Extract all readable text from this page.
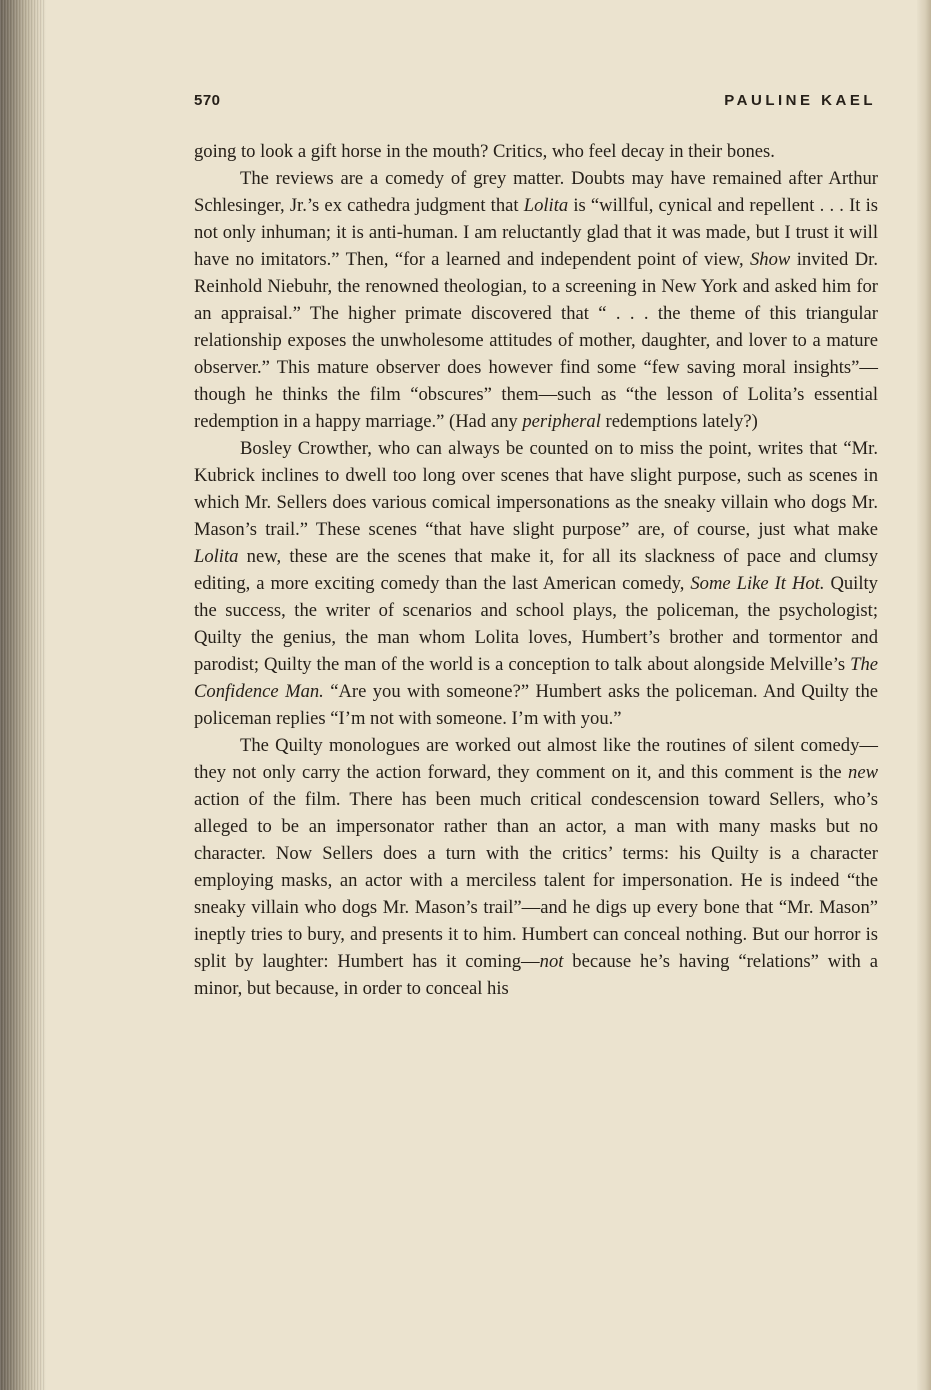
570	PAULINE KAEL

going to look a gift horse in the mouth? Critics, who feel decay in their bones.

The reviews are a comedy of grey matter. Doubts may have remained after Arthur Schlesinger, Jr.’s ex cathedra judgment that Lolita is “willful, cynical and repellent . . . It is not only inhuman; it is anti-human. I am reluctantly glad that it was made, but I trust it will have no imitators.” Then, “for a learned and independent point of view, Show invited Dr. Reinhold Niebuhr, the renowned theologian, to a screening in New York and asked him for an appraisal.” The higher primate discovered that “ . . . the theme of this triangular relationship exposes the unwholesome attitudes of mother, daughter, and lover to a mature observer.” This mature observer does however find some “few saving moral insights”—though he thinks the film “obscures” them—such as “the lesson of Lolita’s essential redemption in a happy marriage.” (Had any peripheral redemptions lately?)

Bosley Crowther, who can always be counted on to miss the point, writes that “Mr. Kubrick inclines to dwell too long over scenes that have slight purpose, such as scenes in which Mr. Sellers does various comical impersonations as the sneaky villain who dogs Mr. Mason’s trail.” These scenes “that have slight purpose” are, of course, just what make Lolita new, these are the scenes that make it, for all its slackness of pace and clumsy editing, a more exciting comedy than the last American comedy, Some Like It Hot. Quilty the success, the writer of scenarios and school plays, the policeman, the psychologist; Quilty the genius, the man whom Lolita loves, Humbert’s brother and tormentor and parodist; Quilty the man of the world is a conception to talk about alongside Melville’s The Confidence Man. “Are you with someone?” Humbert asks the policeman. And Quilty the policeman replies “I’m not with someone. I’m with you.”

The Quilty monologues are worked out almost like the routines of silent comedy—they not only carry the action forward, they comment on it, and this comment is the new action of the film. There has been much critical condescension toward Sellers, who’s alleged to be an impersonator rather than an actor, a man with many masks but no character. Now Sellers does a turn with the critics’ terms: his Quilty is a character employing masks, an actor with a merciless talent for impersonation. He is indeed “the sneaky villain who dogs Mr. Mason’s trail”—and he digs up every bone that “Mr. Mason” ineptly tries to bury, and presents it to him. Humbert can conceal nothing. But our horror is split by laughter: Humbert has it coming—not because he’s having “relations” with a minor, but because, in order to conceal his
